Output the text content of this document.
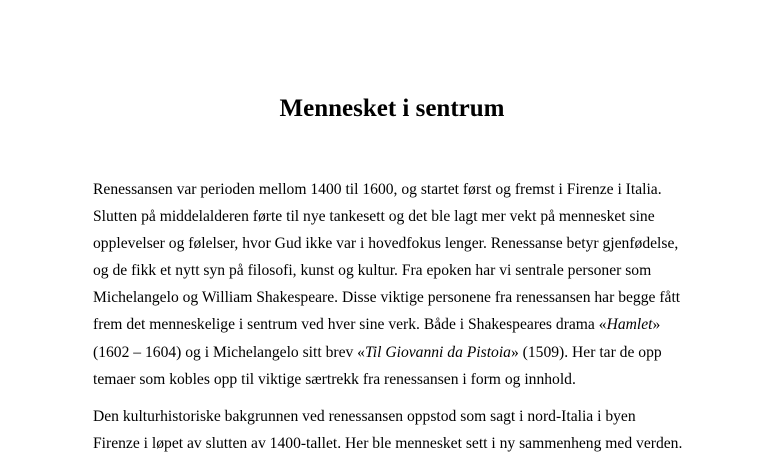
Mennesket i sentrum

Renessansen var perioden mellom 1400 til 1600, og startet først og fremst i Firenze i Italia.
Slutten på middelalderen førte til nye tankesett og det ble lagt mer vekt på mennesket sine
opplevelser og følelser, hvor Gud ikke var i hovedfokus lenger. Renessanse betyr gjenfødelse,
og de fikk et nytt syn på filosofi, kunst og kultur. Fra epoken har vi sentrale personer som
Michelangelo og William Shakespeare. Disse viktige personene fra renessansen har begge fått
frem det menneskelige i sentrum ved hver sine verk. Både i Shakespeares drama «Hamlet»
(1602 – 1604) og i Michelangelo sitt brev «Til Giovanni da Pistoia» (1509). Her tar de opp
temaer som kobles opp til viktige særtrekk fra renessansen i form og innhold.

Den kulturhistoriske bakgrunnen ved renessansen oppstod som sagt i nord-Italia i byen
Firenze i løpet av slutten av 1400-tallet. Her ble mennesket sett i ny sammenheng med verden.
